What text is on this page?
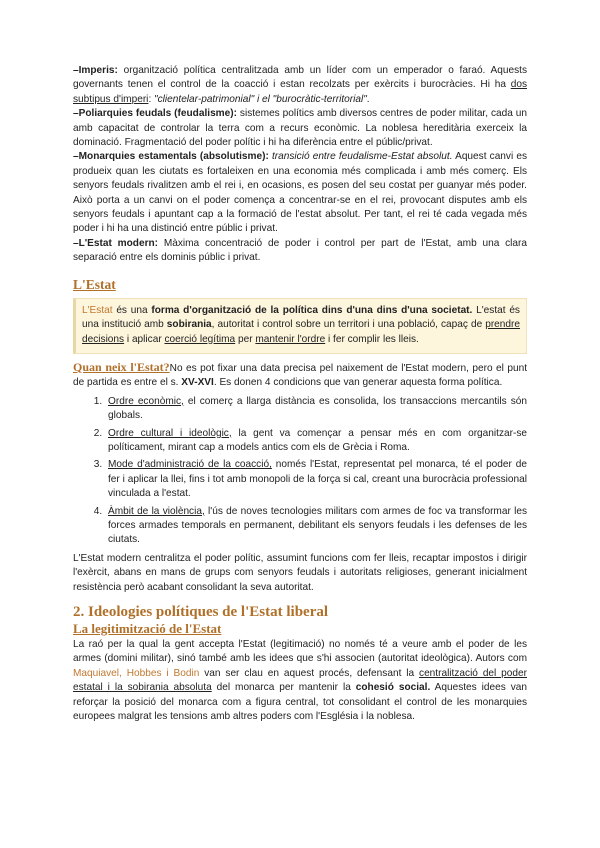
–Imperis: organització política centralitzada amb un líder com un emperador o faraó. Aquests governants tenen el control de la coacció i estan recolzats per exèrcits i burocràcies. Hi ha dos subtipus d'imperi: "clientelar-patrimonial" i el "burocràtic-territorial".

–Poliarquies feudals (feudalisme): sistemes polítics amb diversos centres de poder militar, cada un amb capacitat de controlar la terra com a recurs econòmic. La noblesa hereditària exerceix la dominació. Fragmentació del poder polític i hi ha diferència entre el públic/privat.

–Monarquies estamentals (absolutisme): transició entre feudalisme-Estat absolut. Aquest canvi es produeix quan les ciutats es fortaleixen en una economia més complicada i amb més comerç. Els senyors feudals rivalitzen amb el rei i, en ocasions, es posen del seu costat per guanyar més poder. Això porta a un canvi on el poder comença a concentrar-se en el rei, provocant disputes amb els senyors feudals i apuntant cap a la formació de l'estat absolut. Per tant, el rei té cada vegada més poder i hi ha una distinció entre públic i privat.

–L'Estat modern: Màxima concentració de poder i control per part de l'Estat, amb una clara separació entre els dominis públic i privat.

L'Estat

L'Estat és una forma d'organització de la política dins d'una dins d'una societat. L'estat és una institució amb sobirania, autoritat i control sobre un territori i una població, capaç de prendre decisions i aplicar coerció legítima per mantenir l'ordre i fer complir les lleis.

Quan neix l'Estat?No es pot fixar una data precisa pel naixement de l'Estat modern, pero el punt de partida es entre el s. XV-XVI. Es donen 4 condicions que van generar aquesta forma política.

1. Ordre econòmic, el comerç a llarga distància es consolida, los transaccions mercantils són globals.
2. Ordre cultural i ideològic, la gent va començar a pensar més en com organitzar-se políticament, mirant cap a models antics com els de Grècia i Roma.
3. Mode d'administració de la coacció, només l'Estat, representat pel monarca, té el poder de fer i aplicar la llei, fins i tot amb monopoli de la força si cal, creant una burocràcia professional vinculada a l'estat.
4. Àmbit de la violència, l'ús de noves tecnologies militars com armes de foc va transformar les forces armades temporals en permanent, debilitant els senyors feudals i les defenses de les ciutats.

L'Estat modern centralitza el poder polític, assumint funcions com fer lleis, recaptar impostos i dirigir l'exèrcit, abans en mans de grups com senyors feudals i autoritats religioses, generant inicialment resistència però acabant consolidant la seva autoritat.

2. Ideologies polítiques de l'Estat liberal
La legitimització de l'Estat

La raó per la qual la gent accepta l'Estat (legitimació) no només té a veure amb el poder de les armes (domini militar), sinó també amb les idees que s'hi associen (autoritat ideològica). Autors com Maquiavel, Hobbes i Bodin van ser clau en aquest procés, defensant la centralització del poder estatal i la sobirania absoluta del monarca per mantenir la cohesió social. Aquestes idees van reforçar la posició del monarca com a figura central, tot consolidant el control de les monarquies europees malgrat les tensions amb altres poders com l'Església i la noblesa.
